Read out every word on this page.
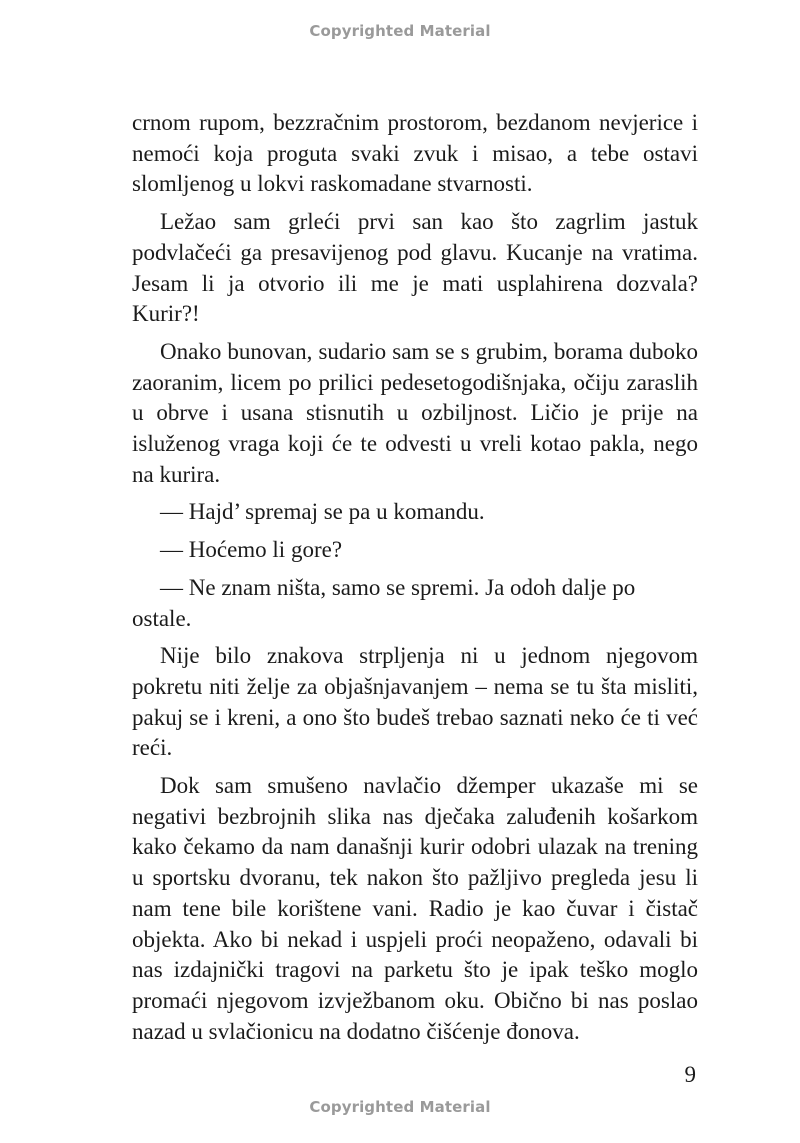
Copyrighted Material

crnom rupom, bezzračnim prostorom, bezdanom nevjerice i nemoći koja proguta svaki zvuk i misao, a tebe ostavi slomljenog u lokvi raskomadane stvarnosti.

Ležao sam grleći prvi san kao što zagrlim jastuk podvlačeći ga presavijenog pod glavu. Kucanje na vratima. Jesam li ja otvorio ili me je mati usplahirena dozvala? Kurir?!

Onako bunovan, sudario sam se s grubim, borama duboko zaoranim, licem po prilici pedesetogodišnjaka, očiju zaraslih u obrve i usana stisnutih u ozbiljnost. Ličio je prije na isluženog vraga koji će te odvesti u vreli kotao pakla, nego na kurira.

— Hajd’ spremaj se pa u komandu.

— Hoćemo li gore?

— Ne znam ništa, samo se spremi. Ja odoh dalje po ostale.

Nije bilo znakova strpljenja ni u jednom njegovom pokretu niti želje za objašnjavanjem – nema se tu šta misliti, pakuj se i kreni, a ono što budeš trebao saznati neko će ti već reći.

Dok sam smušeno navlačio džemper ukazaše mi se negativi bezbrojnih slika nas dječaka zaluđenih košarkom kako čekamo da nam današnji kurir odobri ulazak na trening u sportsku dvoranu, tek nakon što pažljivo pregleda jesu li nam tene bile korištene vani. Radio je kao čuvar i čistač objekta. Ako bi nekad i uspjeli proći neopaženo, odavali bi nas izdajnički tragovi na parketu što je ipak teško moglo promaći njegovom izvježbanom oku. Obično bi nas poslao nazad u svlačionicu na dodatno čišćenje đonova.

9
Copyrighted Material
